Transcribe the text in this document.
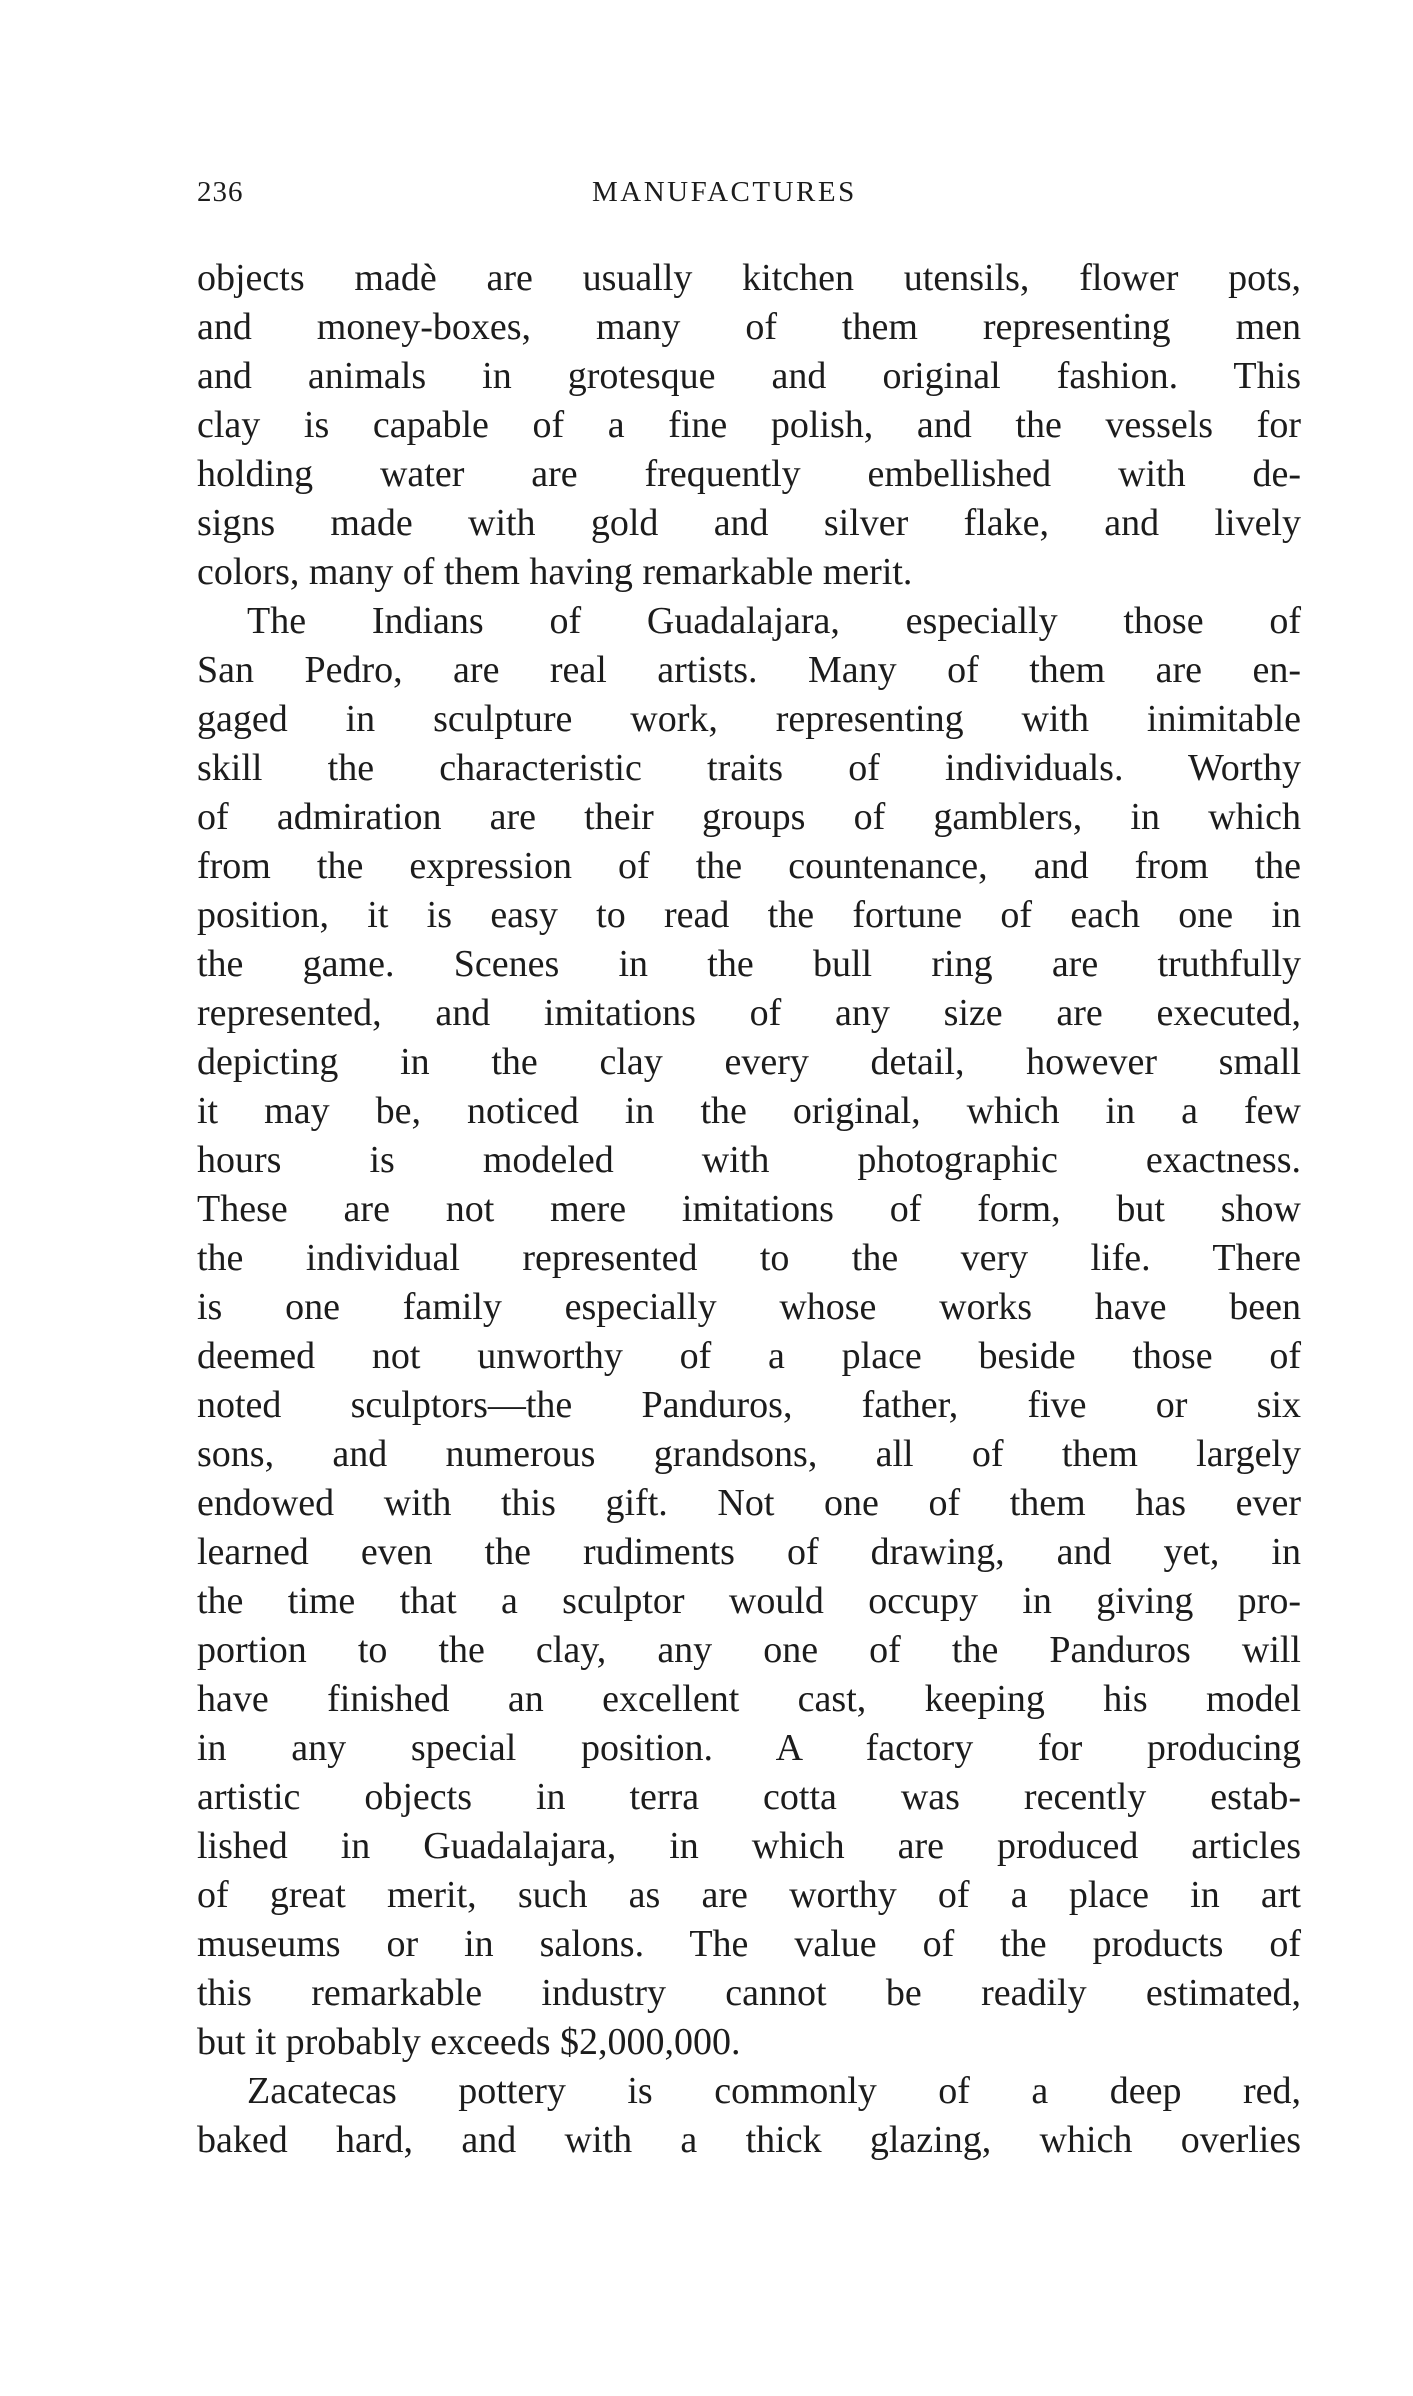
236	MANUFACTURES
objects madè are usually kitchen utensils, flower pots,
and money-boxes, many of them representing men
and animals in grotesque and original fashion. This
clay is capable of a fine polish, and the vessels for
holding water are frequently embellished with de-
signs made with gold and silver flake, and lively
colors, many of them having remarkable merit.
The Indians of Guadalajara, especially those of
San Pedro, are real artists. Many of them are en-
gaged in sculpture work, representing with inimitable
skill the characteristic traits of individuals. Worthy
of admiration are their groups of gamblers, in which
from the expression of the countenance, and from the
position, it is easy to read the fortune of each one in
the game. Scenes in the bull ring are truthfully
represented, and imitations of any size are executed,
depicting in the clay every detail, however small
it may be, noticed in the original, which in a few
hours is modeled with photographic exactness.
These are not mere imitations of form, but show
the individual represented to the very life. There
is one family especially whose works have been
deemed not unworthy of a place beside those of
noted sculptors—the Panduros, father, five or six
sons, and numerous grandsons, all of them largely
endowed with this gift. Not one of them has ever
learned even the rudiments of drawing, and yet, in
the time that a sculptor would occupy in giving pro-
portion to the clay, any one of the Panduros will
have finished an excellent cast, keeping his model
in any special position. A factory for producing
artistic objects in terra cotta was recently estab-
lished in Guadalajara, in which are produced articles
of great merit, such as are worthy of a place in art
museums or in salons. The value of the products of
this remarkable industry cannot be readily estimated,
but it probably exceeds $2,000,000.
Zacatecas pottery is commonly of a deep red,
baked hard, and with a thick glazing, which overlies
